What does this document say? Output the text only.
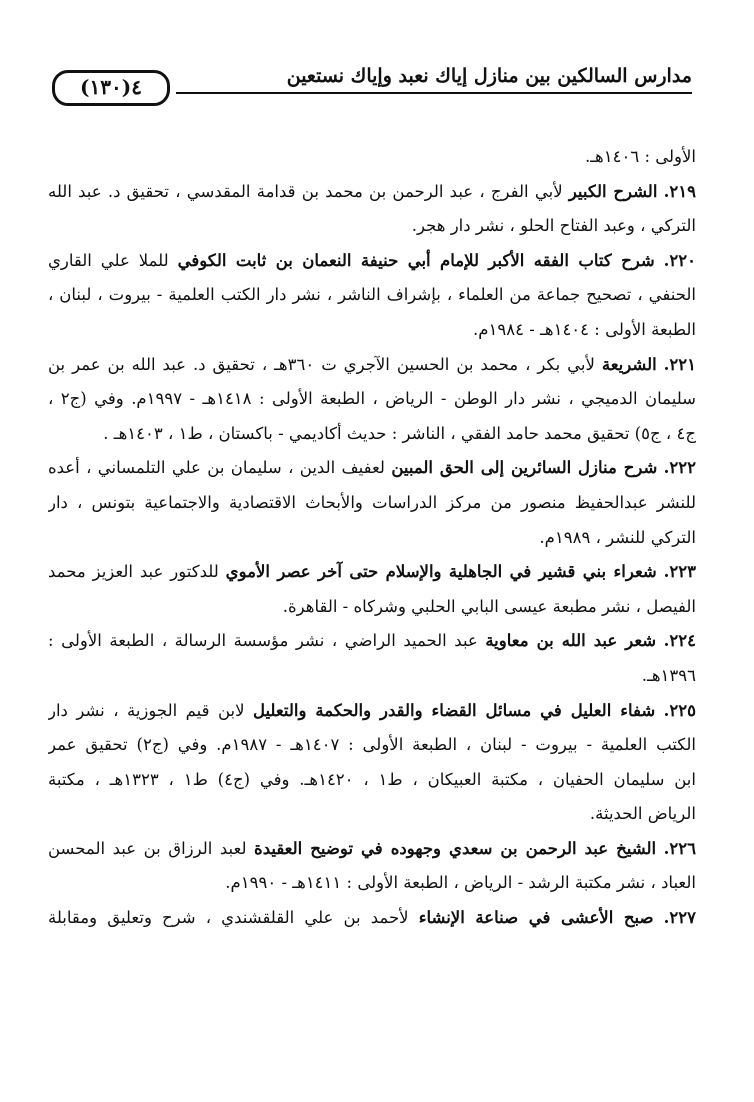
مدارس السالكين بين منازل إياك نعبد وإياك نستعين
(١٣٠)٤
الأولى : ١٤٠٦هـ.
٢١٩. الشرح الكبير لأبي الفرج ، عبد الرحمن بن محمد بن قدامة المقدسي ، تحقيق د. عبد الله
التركي ، وعبد الفتاح الحلو ، نشر دار هجر.
٢٢٠. شرح كتاب الفقه الأكبر للإمام أبي حنيفة النعمان بن ثابت الكوفي للملا علي القاري
الحنفي ، تصحيح جماعة من العلماء ، بإشراف الناشر ، نشر دار الكتب العلمية - بيروت ، لبنان ،
الطبعة الأولى : ١٤٠٤هـ - ١٩٨٤م.
٢٢١. الشريعة لأبي بكر ، محمد بن الحسين الآجري ت ٣٦٠هـ ، تحقيق د. عبد الله بن عمر بن
سليمان الدميجي ، نشر دار الوطن - الرياض ، الطبعة الأولى : ١٤١٨هـ - ١٩٩٧م. وفي (ج٢ ،
ج٤ ، ج٥) تحقيق محمد حامد الفقي ، الناشر : حديث أكاديمي - باكستان ، ط١ ، ١٤٠٣هـ .
٢٢٢. شرح منازل السائرين إلى الحق المبين لعفيف الدين ، سليمان بن علي التلمساني ، أعده
للنشر عبدالحفيظ منصور من مركز الدراسات والأبحاث الاقتصادية والاجتماعية بتونس ، دار
التركي للنشر ، ١٩٨٩م.
٢٢٣. شعراء بني قشير في الجاهلية والإسلام حتى آخر عصر الأموي للدكتور عبد العزيز محمد
الفيصل ، نشر مطبعة عيسى البابي الحلبي وشركاه - القاهرة.
٢٢٤. شعر عبد الله بن معاوية عبد الحميد الراضي ، نشر مؤسسة الرسالة ، الطبعة الأولى :
١٣٩٦هـ.
٢٢٥. شفاء العليل في مسائل القضاء والقدر والحكمة والتعليل لابن قيم الجوزية ، نشر دار
الكتب العلمية - بيروت - لبنان ، الطبعة الأولى : ١٤٠٧هـ - ١٩٨٧م. وفي (ج٢) تحقيق عمر
ابن سليمان الحفيان ، مكتبة العبيكان ، ط١ ، ١٤٢٠هـ. وفي (ج٤) ط١ ، ١٣٢٣هـ ، مكتبة
الرياض الحديثة.
٢٢٦. الشيخ عبد الرحمن بن سعدي وجهوده في توضيح العقيدة لعبد الرزاق بن عبد المحسن
العباد ، نشر مكتبة الرشد - الرياض ، الطبعة الأولى : ١٤١١هـ - ١٩٩٠م.
٢٢٧. صبح الأعشى في صناعة الإنشاء لأحمد بن علي القلقشندي ، شرح وتعليق ومقابلة
